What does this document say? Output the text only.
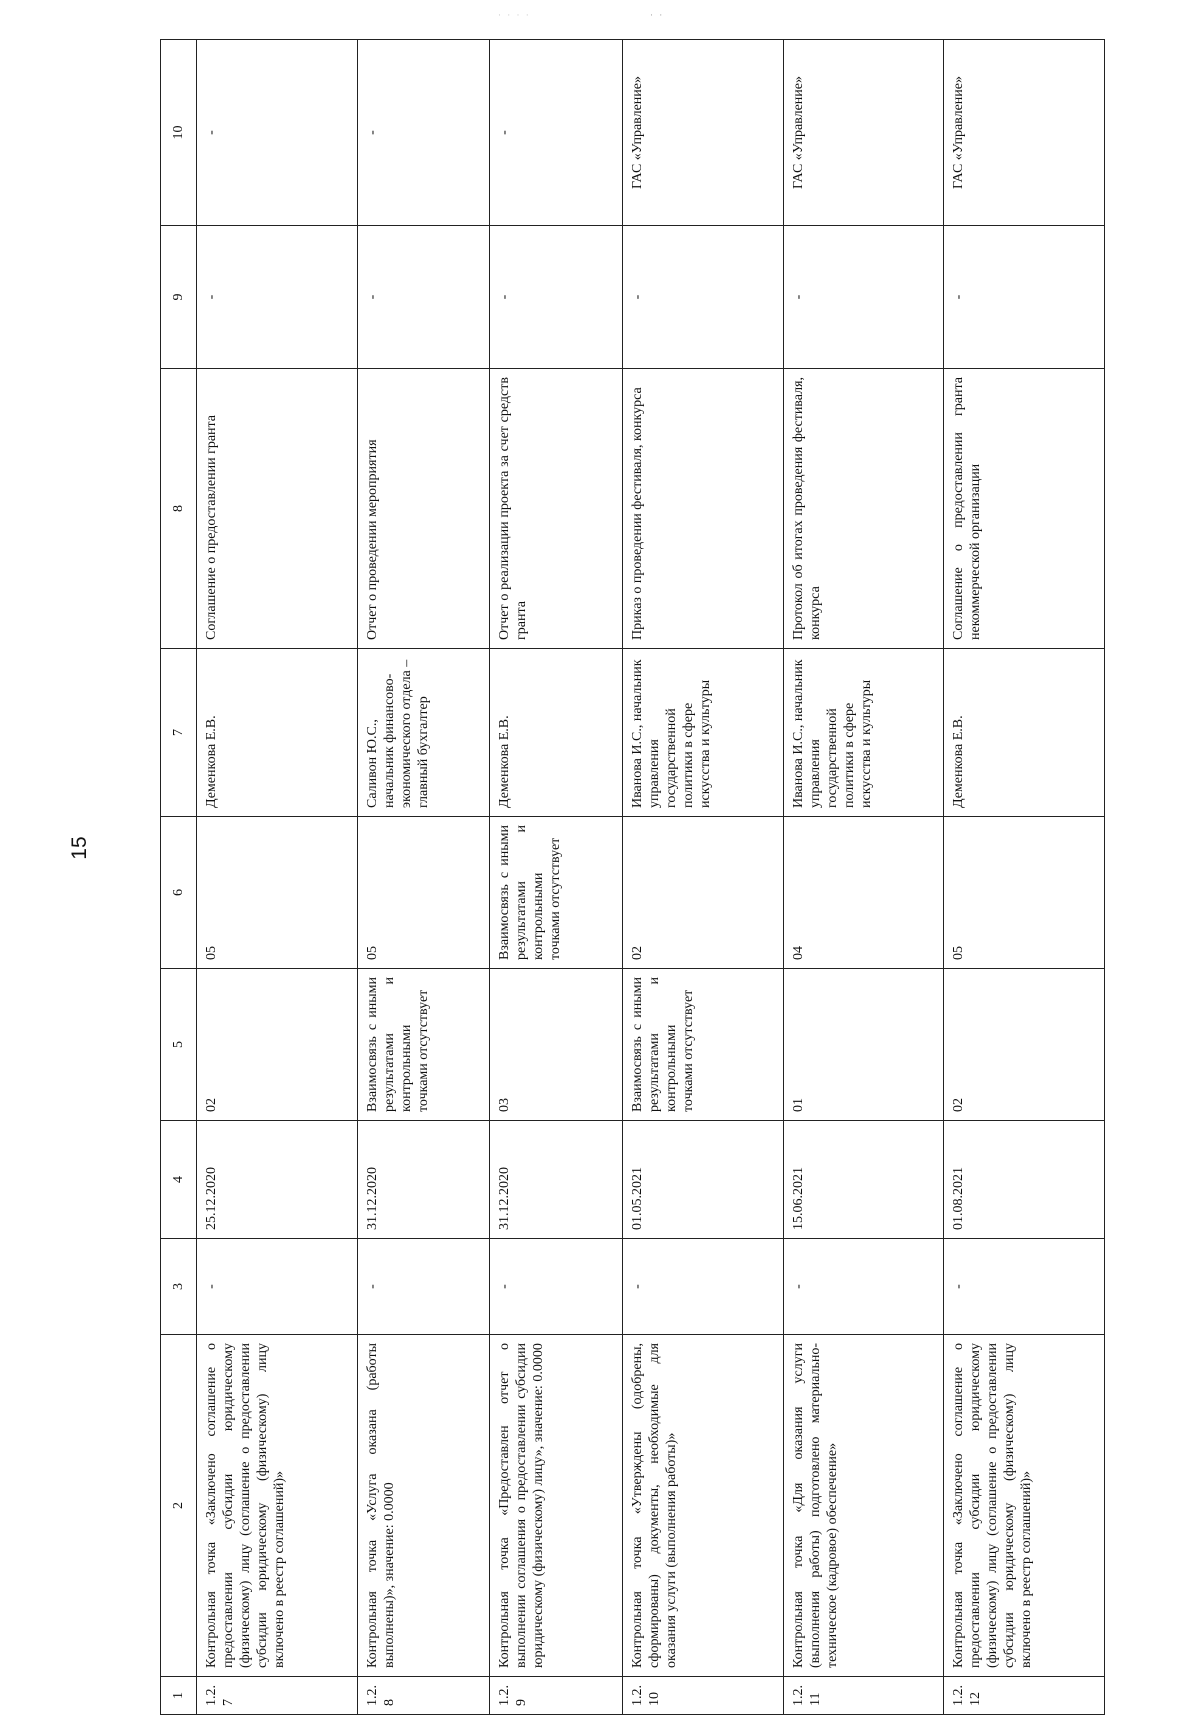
· · · ·	· ·
15
1	2	3	4	5	6	7	8	9	10
1.2.7	Контрольная точка «Заключено соглашение о предоставлении субсидии юридическому (физическому) лицу (соглашение о предоставлении субсидии юридическому (физическому) лицу включено в реестр соглашений)»	-	25.12.2020	02	05	Деменкова Е.В.	Соглашение о предоставлении гранта	-	-
1.2.8	Контрольная точка «Услуга оказана (работы выполнены)», значение: 0.0000	-	31.12.2020	Взаимосвязь с иными результатами и контрольными точками отсутствует	05	Саливон Ю.С., начальник финансово-экономического отдела – главный бухгалтер	Отчет о проведении мероприятия	-	-
1.2.9	Контрольная точка «Предоставлен отчет о выполнении соглашения о предоставлении субсидии юридическому (физическому) лицу», значение: 0.0000	-	31.12.2020	03	Взаимосвязь с иными результатами и контрольными точками отсутствует	Деменкова Е.В.	Отчет о реализации проекта за счет средств гранта	-	-
1.2.10	Контрольная точка «Утверждены (одобрены, сформированы) документы, необходимые для оказания услуги (выполнения работы)»	-	01.05.2021	Взаимосвязь с иными результатами и контрольными точками отсутствует	02	Иванова И.С., начальник управления государственной политики в сфере искусства и культуры	Приказ о проведении фестиваля, конкурса	-	ГАС «Управление»
1.2.11	Контрольная точка «Для оказания услуги (выполнения работы) подготовлено материально-техническое (кадровое) обеспечение»	-	15.06.2021	01	04	Иванова И.С., начальник управления государственной политики в сфере искусства и культуры	Протокол об итогах проведения фестиваля, конкурса	-	ГАС «Управление»
1.2.12	Контрольная точка «Заключено соглашение о предоставлении субсидии юридическому (физическому) лицу (соглашение о предоставлении субсидии юридическому (физическому) лицу включено в реестр соглашений)»	-	01.08.2021	02	05	Деменкова Е.В.	Соглашение о предоставлении гранта некоммерческой организации	-	ГАС «Управление»
